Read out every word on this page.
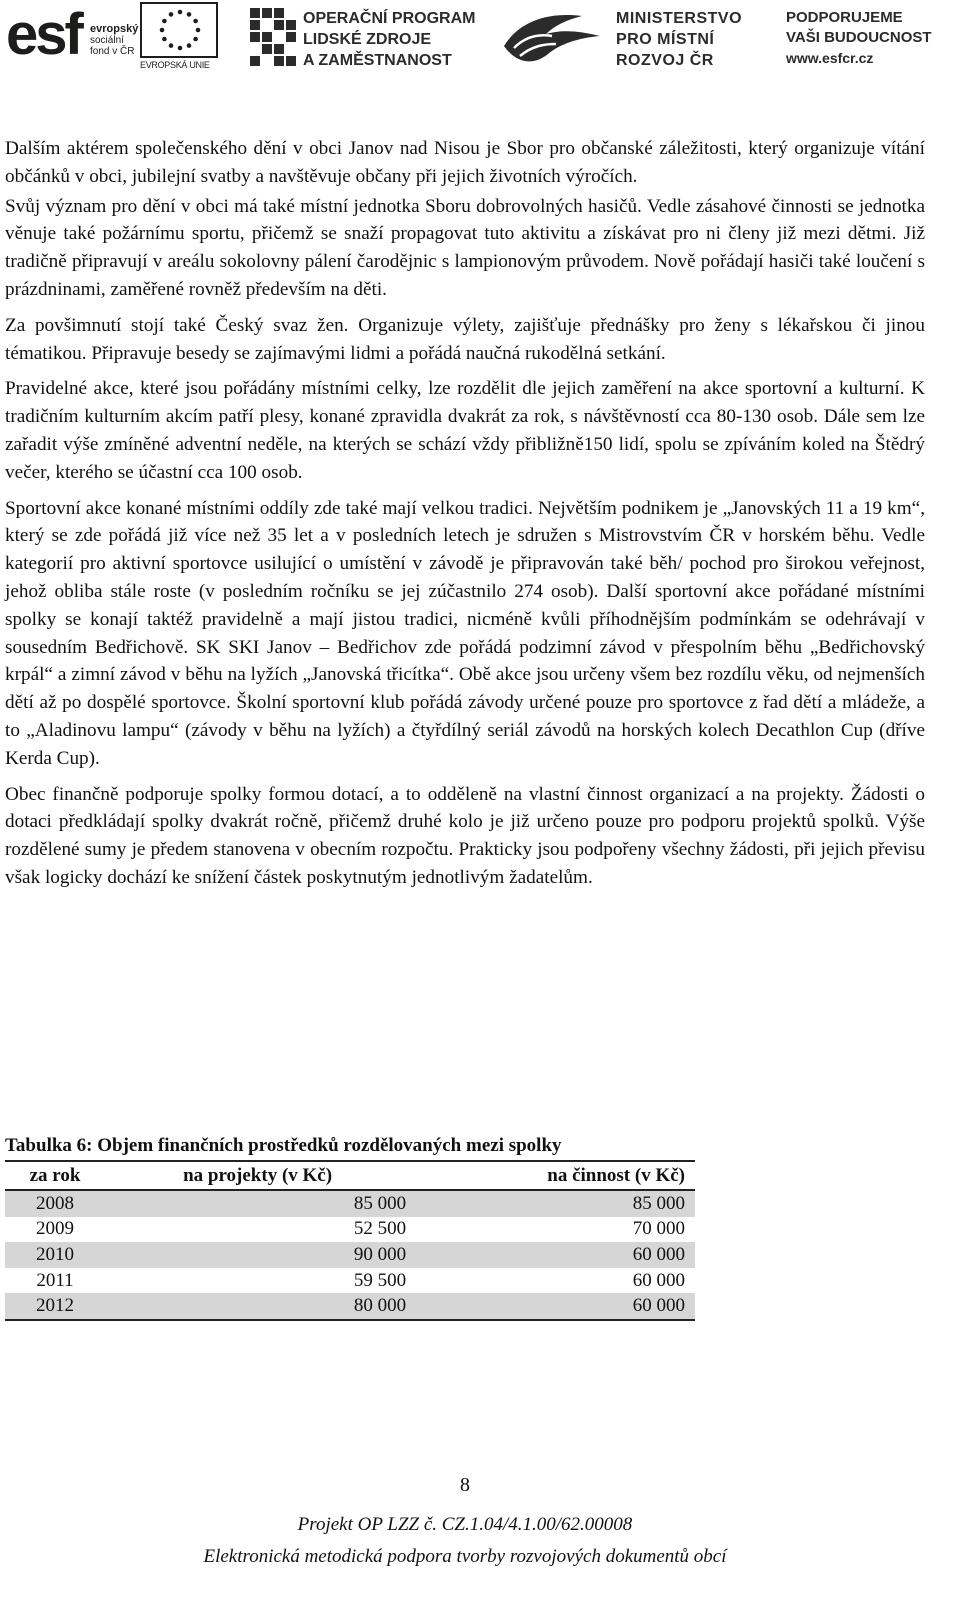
esf evropský
sociální
fond v ČR
EVROPSKÁ UNIE
OPERAČNÍ PROGRAM
LIDSKÉ ZDROJE
A ZAMĚSTNANOST
MINISTERSTVO
PRO MÍSTNÍ
ROZVOJ ČR
PODPORUJEME
VAŠI BUDOUCNOST
www.esfcr.cz

Dalším aktérem společenského dění v obci Janov nad Nisou je Sbor pro občanské záležitosti, který organizuje vítání občánků v obci, jubilejní svatby a navštěvuje občany při jejich životních výročích.

Svůj význam pro dění v obci má také místní jednotka Sboru dobrovolných hasičů. Vedle zásahové činnosti se jednotka věnuje také požárnímu sportu, přičemž se snaží propagovat tuto aktivitu a získávat pro ni členy již mezi dětmi. Již tradičně připravují v areálu sokolovny pálení čarodějnic s lampionovým průvodem. Nově pořádají hasiči také loučení s prázdninami, zaměřené rovněž především na děti.

Za povšimnutí stojí také Český svaz žen. Organizuje výlety, zajišťuje přednášky pro ženy s lékařskou či jinou tématikou. Připravuje besedy se zajímavými lidmi a pořádá naučná rukodělná setkání.

Pravidelné akce, které jsou pořádány místními celky, lze rozdělit dle jejich zaměření na akce sportovní a kulturní. K tradičním kulturním akcím patří plesy, konané zpravidla dvakrát za rok, s návštěvností cca 80-130 osob. Dále sem lze zařadit výše zmíněné adventní neděle, na kterých se schází vždy přibližně150 lidí, spolu se zpíváním koled na Štědrý večer, kterého se účastní cca 100 osob.

Sportovní akce konané místními oddíly zde také mají velkou tradici. Největším podnikem je „Janovských 11 a 19 km“, který se zde pořádá již více než 35 let a v posledních letech je sdružen s Mistrovstvím ČR v horském běhu. Vedle kategorií pro aktivní sportovce usilující o umístění v závodě je připravován také běh/ pochod pro širokou veřejnost, jehož obliba stále roste (v posledním ročníku se jej zúčastnilo 274 osob). Další sportovní akce pořádané místními spolky se konají taktéž pravidelně a mají jistou tradici, nicméně kvůli příhodnějším podmínkám se odehrávají v sousedním Bedřichově. SK SKI Janov – Bedřichov zde pořádá podzimní závod v přespolním běhu „Bedřichovský krpál“ a zimní závod v běhu na lyžích „Janovská třicítka“. Obě akce jsou určeny všem bez rozdílu věku, od nejmenších dětí až po dospělé sportovce. Školní sportovní klub pořádá závody určené pouze pro sportovce z řad dětí a mládeže, a to „Aladinovu lampu“ (závody v běhu na lyžích) a čtyřdílný seriál závodů na horských kolech Decathlon Cup (dříve Kerda Cup).

Obec finančně podporuje spolky formou dotací, a to odděleně na vlastní činnost organizací a na projekty. Žádosti o dotaci předkládají spolky dvakrát ročně, přičemž druhé kolo je již určeno pouze pro podporu projektů spolků. Výše rozdělené sumy je předem stanovena v obecním rozpočtu. Prakticky jsou podpořeny všechny žádosti, při jejich převisu však logicky dochází ke snížení částek poskytnutým jednotlivým žadatelům.

Tabulka 6: Objem finančních prostředků rozdělovaných mezi spolky
za rok	na projekty (v Kč)	na činnost (v Kč)
2008	85 000	85 000
2009	52 500	70 000
2010	90 000	60 000
2011	59 500	60 000
2012	80 000	60 000
8
Projekt OP LZZ č. CZ.1.04/4.1.00/62.00008
Elektronická metodická podpora tvorby rozvojových dokumentů obcí
